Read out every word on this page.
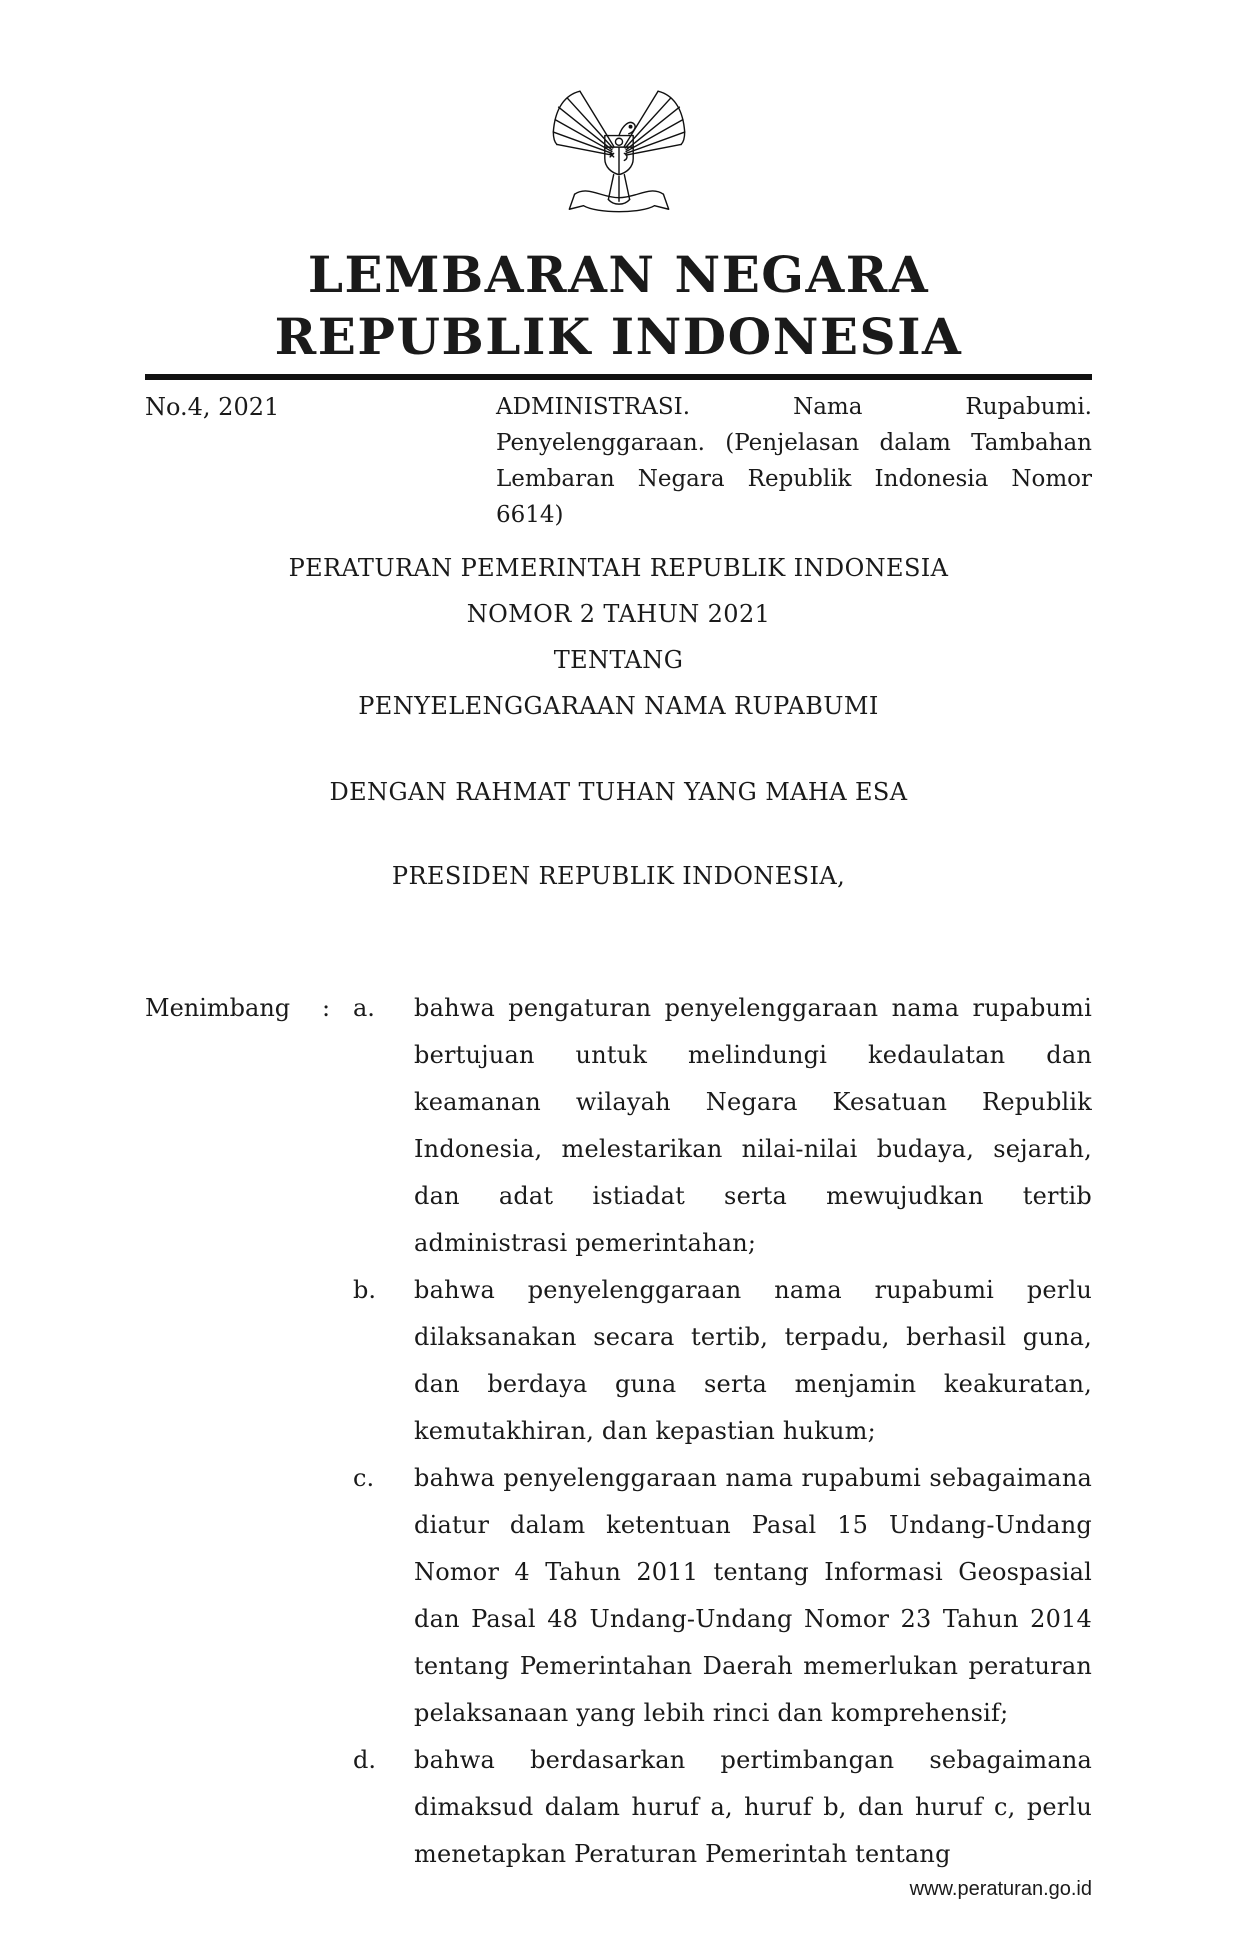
LEMBARAN NEGARA
REPUBLIK INDONESIA
No.4, 2021	ADMINISTRASI. Nama Rupabumi. Penyelenggaraan. (Penjelasan dalam Tambahan Lembaran Negara Republik Indonesia Nomor 6614)
PERATURAN PEMERINTAH REPUBLIK INDONESIA
NOMOR 2 TAHUN 2021
TENTANG
PENYELENGGARAAN NAMA RUPABUMI
DENGAN RAHMAT TUHAN YANG MAHA ESA
PRESIDEN REPUBLIK INDONESIA,
Menimbang	: a.	bahwa pengaturan penyelenggaraan nama rupabumi bertujuan untuk melindungi kedaulatan dan keamanan wilayah Negara Kesatuan Republik Indonesia, melestarikan nilai-nilai budaya, sejarah, dan adat istiadat serta mewujudkan tertib administrasi pemerintahan;
b.	bahwa penyelenggaraan nama rupabumi perlu dilaksanakan secara tertib, terpadu, berhasil guna, dan berdaya guna serta menjamin keakuratan, kemutakhiran, dan kepastian hukum;
c.	bahwa penyelenggaraan nama rupabumi sebagaimana diatur dalam ketentuan Pasal 15 Undang-Undang Nomor 4 Tahun 2011 tentang Informasi Geospasial dan Pasal 48 Undang-Undang Nomor 23 Tahun 2014 tentang Pemerintahan Daerah memerlukan peraturan pelaksanaan yang lebih rinci dan komprehensif;
d.	bahwa berdasarkan pertimbangan sebagaimana dimaksud dalam huruf a, huruf b, dan huruf c, perlu menetapkan Peraturan Pemerintah tentang
www.peraturan.go.id
